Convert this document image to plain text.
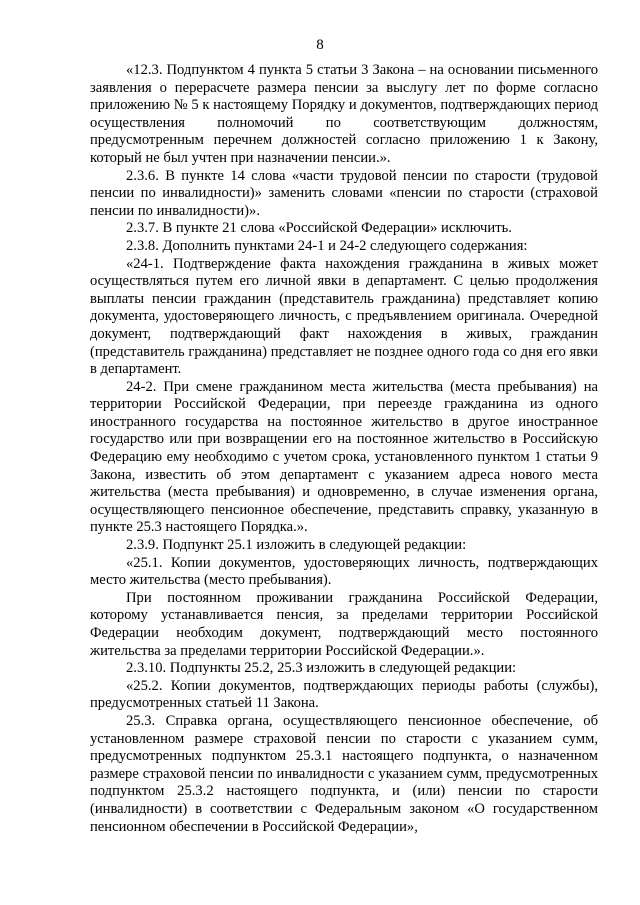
8

«12.3. Подпунктом 4 пункта 5 статьи 3 Закона – на основании письменного заявления о перерасчете размера пенсии за выслугу лет по форме согласно приложению № 5 к настоящему Порядку и документов, подтверждающих период осуществления полномочий по соответствующим должностям, предусмотренным перечнем должностей согласно приложению 1 к Закону, который не был учтен при назначении пенсии.».

2.3.6. В пункте 14 слова «части трудовой пенсии по старости (трудовой пенсии по инвалидности)» заменить словами «пенсии по старости (страховой пенсии по инвалидности)».

2.3.7. В пункте 21 слова «Российской Федерации» исключить.

2.3.8. Дополнить пунктами 24-1 и 24-2 следующего содержания:

«24-1. Подтверждение факта нахождения гражданина в живых может осуществляться путем его личной явки в департамент. С целью продолжения выплаты пенсии гражданин (представитель гражданина) представляет копию документа, удостоверяющего личность, с предъявлением оригинала. Очередной документ, подтверждающий факт нахождения в живых, гражданин (представитель гражданина) представляет не позднее одного года со дня его явки в департамент.

24-2. При смене гражданином места жительства (места пребывания) на территории Российской Федерации, при переезде гражданина из одного иностранного государства на постоянное жительство в другое иностранное государство или при возвращении его на постоянное жительство в Российскую Федерацию ему необходимо с учетом срока, установленного пунктом 1 статьи 9 Закона, известить об этом департамент с указанием адреса нового места жительства (места пребывания) и одновременно, в случае изменения органа, осуществляющего пенсионное обеспечение, представить справку, указанную в пункте 25.3 настоящего Порядка.».

2.3.9. Подпункт 25.1 изложить в следующей редакции:

«25.1. Копии документов, удостоверяющих личность, подтверждающих место жительства (место пребывания).

При постоянном проживании гражданина Российской Федерации, которому устанавливается пенсия, за пределами территории Российской Федерации необходим документ, подтверждающий место постоянного жительства за пределами территории Российской Федерации.».

2.3.10. Подпункты 25.2, 25.3 изложить в следующей редакции:

«25.2. Копии документов, подтверждающих периоды работы (службы), предусмотренных статьей 11 Закона.

25.3. Справка органа, осуществляющего пенсионное обеспечение, об установленном размере страховой пенсии по старости с указанием сумм, предусмотренных подпунктом 25.3.1 настоящего подпункта, о назначенном размере страховой пенсии по инвалидности с указанием сумм, предусмотренных подпунктом 25.3.2 настоящего подпункта, и (или) пенсии по старости (инвалидности) в соответствии с Федеральным законом «О государственном пенсионном обеспечении в Российской Федерации»,
